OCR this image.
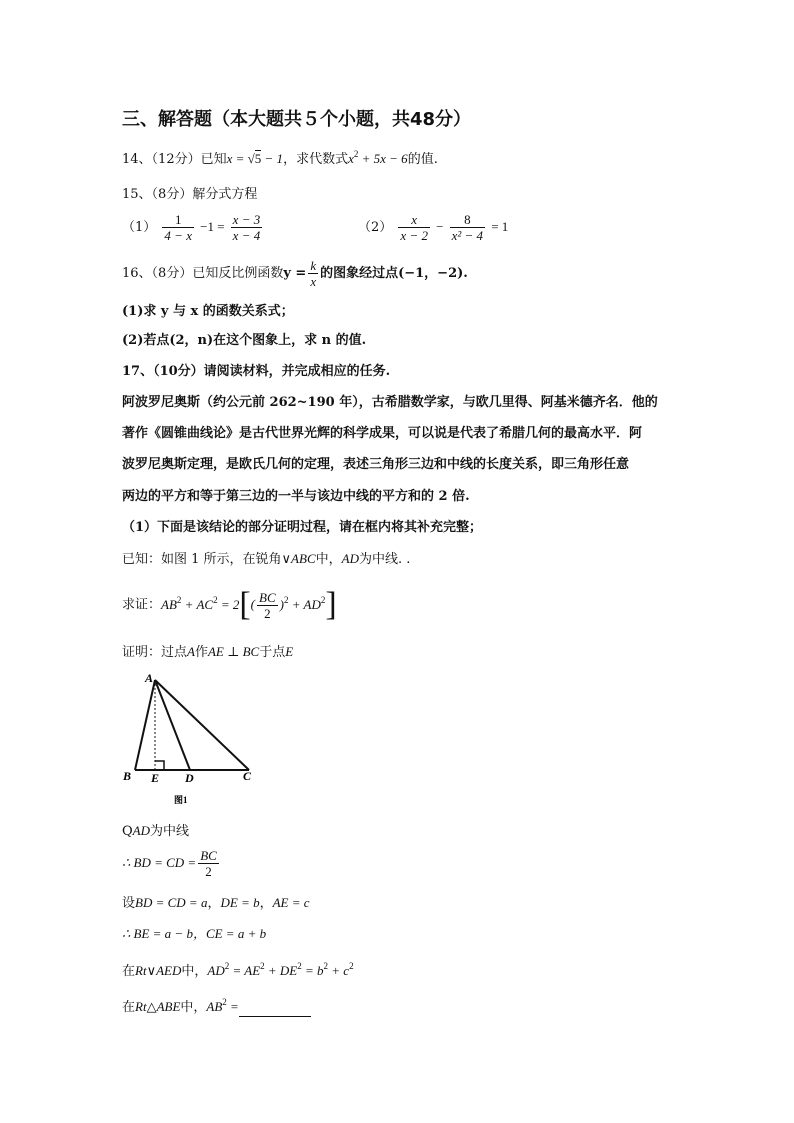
三、解答题（本大题共５个小题，共48分）
14、（12分）已知x = √5 − 1，求代数式$x^2 + 5x - 6$的值.
15、（8分）解分式方程
$(1) \frac{1}{4 - x} -1 = \frac{x - 3}{x - 4}$	$(2) \frac{x}{x - 2} - \frac{8}{\text{x² − 4}} = 1$
16、（8分）已知反比例函数$y = \frac{k}{x}$ 的图象经过点(−1，−2).
(1)求 y 与 x 的函数关系式；
(2)若点(2，n)在这个图象上，求 n 的值.
17、（10分）请阅读材料，并完成相应的任务.
阿波罗尼奥斯（约公元前 262~190 年），古希腊数学家，与欧几里得、阿基米德齐名．他的
著作《圆锥曲线论》是古代世界光辉的科学成果，可以说是代表了希腊几何的最高水平．阿
波罗尼奥斯定理，是欧氏几何的定理，表述三角形三边和中线的长度关系，即三角形任意
两边的平方和等于第三边的一半与该边中线的平方和的 2 倍.
（1）下面是该结论的部分证明过程，请在框内将其补充完整；
已知：如图 1 所示，在锐角∨ABC中，AD为中线. .
求证：$AB^2 + AC^2 = 2[( \frac{BC}{2} )^2 + AD^2]$
证明：过点A作AE ⊥ BC于点E
A
B E D	C
图1
QAD为中线
∴ BD = CD = $\frac{BC}{2}$
设BD = CD = a，DE = b，AE = c
∴ BE = a − b，CE = a + b
在Rt∨AED中，$AD^2 = AE^2 + DE^2 = b^2 + c^2$
在Rt△ABE中，$AB^2$ =
